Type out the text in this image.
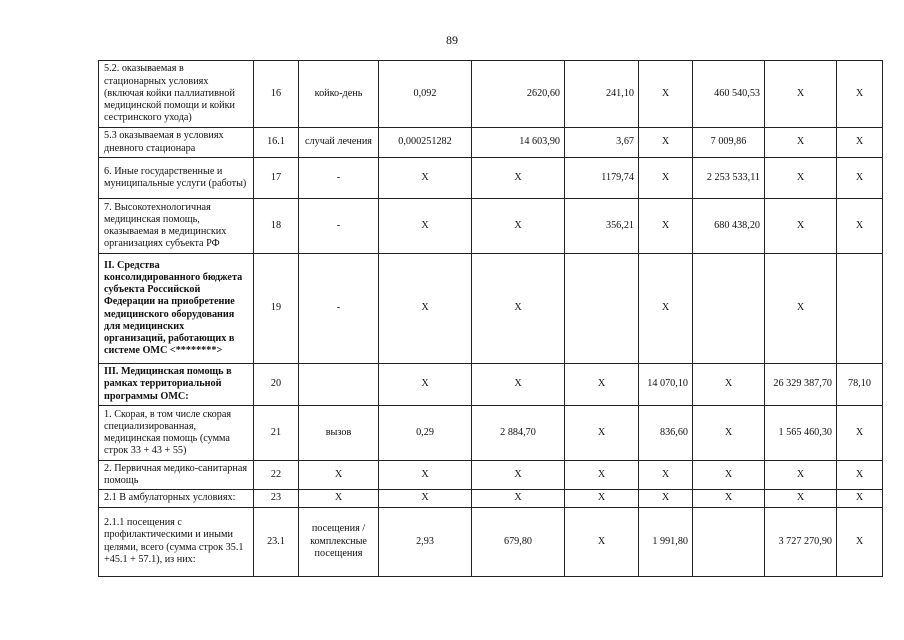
89
5.2. оказываемая в стационарных условиях (включая койки паллиативной медицинской помощи и койки сестринского ухода)	16	койко-день	0,092	2620,60	241,10	X	460 540,53	X	X
5.3 оказываемая в условиях дневного стационара	16.1	случай лечения	0,000251282	14 603,90	3,67	X	7 009,86	X	X
6. Иные государственные и муниципальные услуги (работы)	17	-	X	X	1179,74	X	2 253 533,11	X	X
7. Высокотехнологичная медицинская помощь, оказываемая в медицинских организациях субъекта РФ	18	-	X	X	356,21	X	680 438,20	X	X
II. Средства консолидированного бюджета субъекта Российской Федерации на приобретение медицинского оборудования для медицинских организаций, работающих в системе ОМС <********>	19	-	X	X		X		X	
III. Медицинская помощь в рамках территориальной программы ОМС:	20		X	X	X	14 070,10	X	26 329 387,70	78,10
1. Скорая, в том числе скорая специализированная, медицинская помощь (сумма строк 33 + 43 + 55)	21	вызов	0,29	2 884,70	X	836,60	X	1 565 460,30	X
2. Первичная медико-санитарная помощь	22	X	X	X	X	X	X	X	X
2.1 В амбулаторных условиях:	23	X	X	X	X	X	X	X	X
2.1.1 посещения с профилактическими и иными целями, всего (сумма строк 35.1 +45.1 + 57.1), из них:	23.1	посещения / комплексные посещения	2,93	679,80	X	1 991,80		3 727 270,90	X
